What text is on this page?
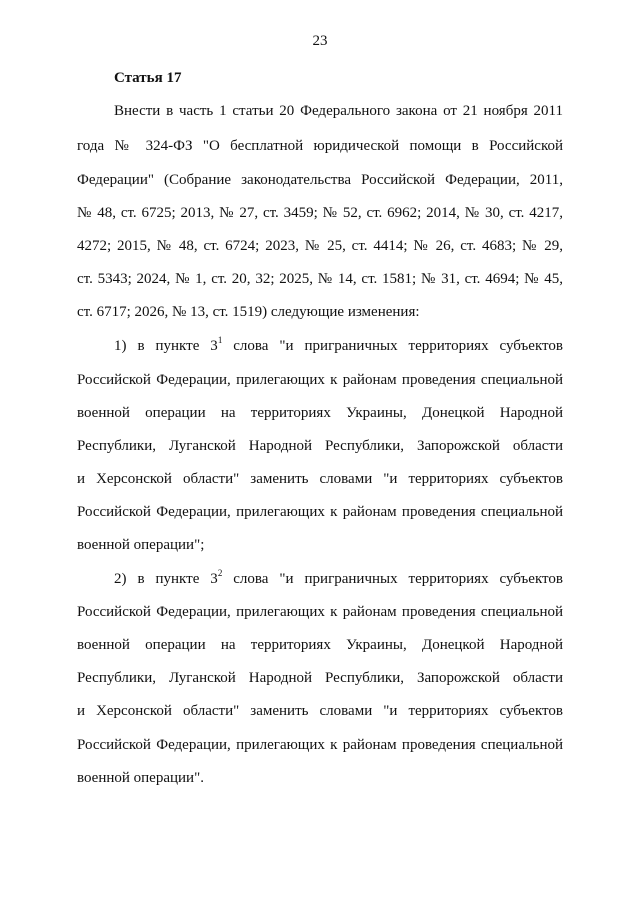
23
Статья 17
Внести в часть 1 статьи 20 Федерального закона от 21 ноября 2011
года № 324-ФЗ "О бесплатной юридической помощи в Российской
Федерации" (Собрание законодательства Российской Федерации, 2011,
№ 48, ст. 6725; 2013, № 27, ст. 3459; № 52, ст. 6962; 2014, № 30, ст. 4217,
4272; 2015, № 48, ст. 6724; 2023, № 25, ст. 4414; № 26, ст. 4683; № 29,
ст. 5343; 2024, № 1, ст. 20, 32; 2025, № 14, ст. 1581; № 31, ст. 4694; № 45,
ст. 6717; 2026, № 13, ст. 1519) следующие изменения:
1) в пункте $3^1$ слова "и приграничных территориях субъектов
Российской Федерации, прилегающих к районам проведения специальной
военной операции на территориях Украины, Донецкой Народной
Республики, Луганской Народной Республики, Запорожской области
и Херсонской области" заменить словами "и территориях субъектов
Российской Федерации, прилегающих к районам проведения специальной
военной операции";
2) в пункте $3^2$ слова "и приграничных территориях субъектов
Российской Федерации, прилегающих к районам проведения специальной
военной операции на территориях Украины, Донецкой Народной
Республики, Луганской Народной Республики, Запорожской области
и Херсонской области" заменить словами "и территориях субъектов
Российской Федерации, прилегающих к районам проведения специальной
военной операции".
